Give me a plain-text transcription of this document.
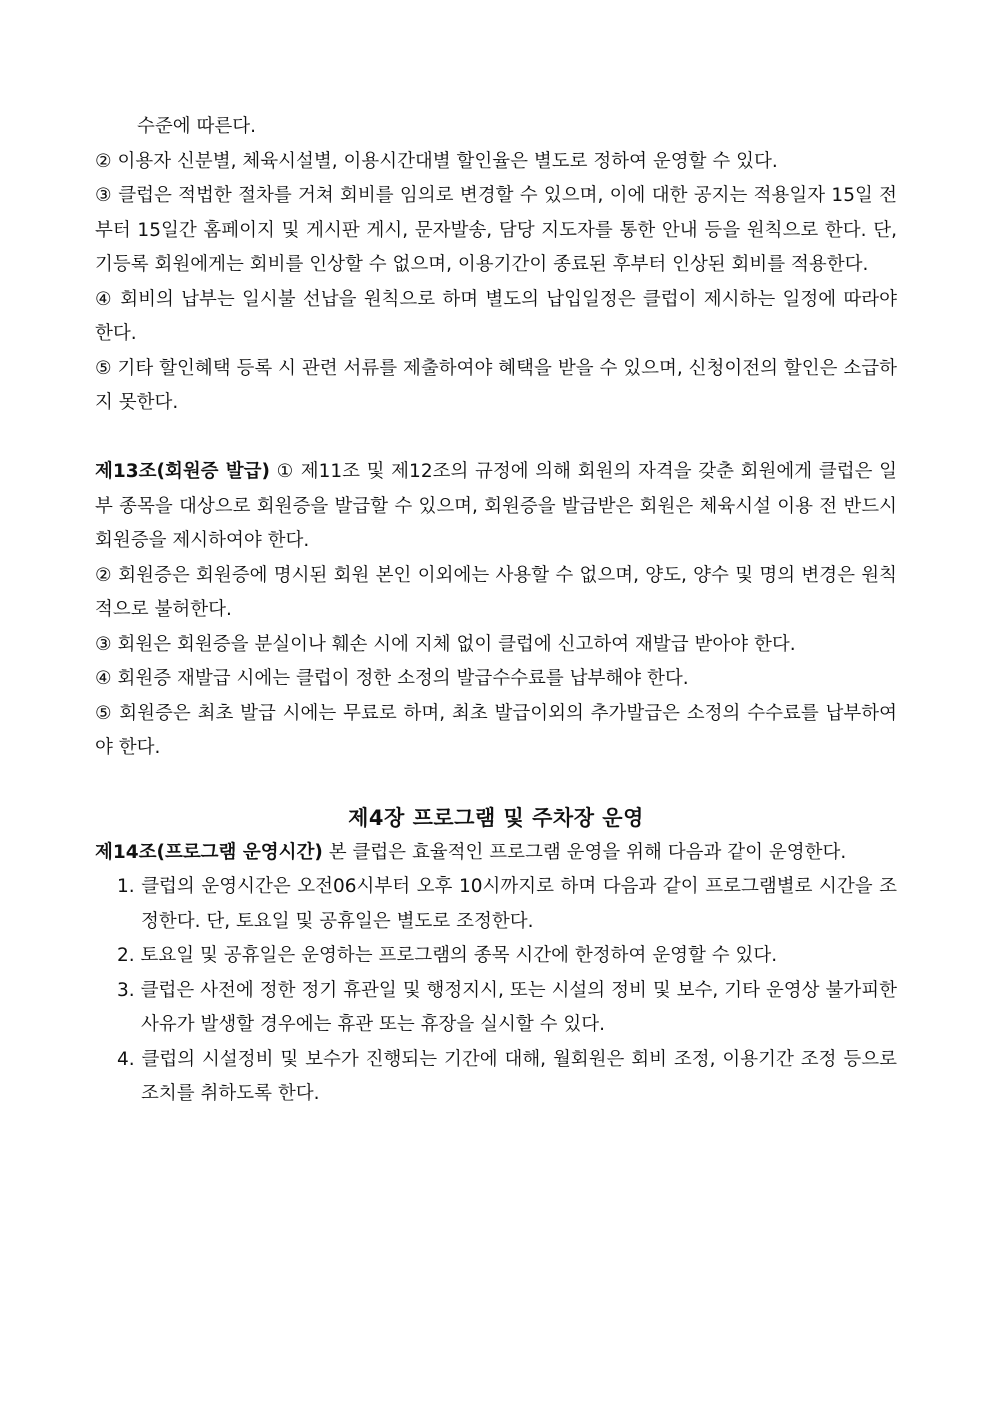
수준에 따른다.

② 이용자 신분별, 체육시설별, 이용시간대별 할인율은 별도로 정하여 운영할 수 있다.

③ 클럽은 적법한 절차를 거쳐 회비를 임의로 변경할 수 있으며, 이에 대한 공지는 적용일자 15일 전부터 15일간 홈페이지 및 게시판 게시, 문자발송, 담당 지도자를 통한 안내 등을 원칙으로 한다. 단, 기등록 회원에게는 회비를 인상할 수 없으며, 이용기간이 종료된 후부터 인상된 회비를 적용한다.

④ 회비의 납부는 일시불 선납을 원칙으로 하며 별도의 납입일정은 클럽이 제시하는 일정에 따라야 한다.

⑤ 기타 할인혜택 등록 시 관련 서류를 제출하여야 혜택을 받을 수 있으며, 신청이전의 할인은 소급하지 못한다.

제13조(회원증 발급) ① 제11조 및 제12조의 규정에 의해 회원의 자격을 갖춘 회원에게 클럽은 일부 종목을 대상으로 회원증을 발급할 수 있으며, 회원증을 발급받은 회원은 체육시설 이용 전 반드시 회원증을 제시하여야 한다.

② 회원증은 회원증에 명시된 회원 본인 이외에는 사용할 수 없으며, 양도, 양수 및 명의 변경은 원칙적으로 불허한다.

③ 회원은 회원증을 분실이나 훼손 시에 지체 없이 클럽에 신고하여 재발급 받아야 한다.

④ 회원증 재발급 시에는 클럽이 정한 소정의 발급수수료를 납부해야 한다.

⑤ 회원증은 최초 발급 시에는 무료로 하며, 최초 발급이외의 추가발급은 소정의 수수료를 납부하여야 한다.

제4장 프로그램 및 주차장 운영

제14조(프로그램 운영시간) 본 클럽은 효율적인 프로그램 운영을 위해 다음과 같이 운영한다.

1. 클럽의 운영시간은 오전06시부터 오후 10시까지로 하며 다음과 같이 프로그램별로 시간을 조정한다. 단, 토요일 및 공휴일은 별도로 조정한다.

2. 토요일 및 공휴일은 운영하는 프로그램의 종목 시간에 한정하여 운영할 수 있다.

3. 클럽은 사전에 정한 정기 휴관일 및 행정지시, 또는 시설의 정비 및 보수, 기타 운영상 불가피한 사유가 발생할 경우에는 휴관 또는 휴장을 실시할 수 있다.

4. 클럽의 시설정비 및 보수가 진행되는 기간에 대해, 월회원은 회비 조정, 이용기간 조정 등으로 조치를 취하도록 한다.
